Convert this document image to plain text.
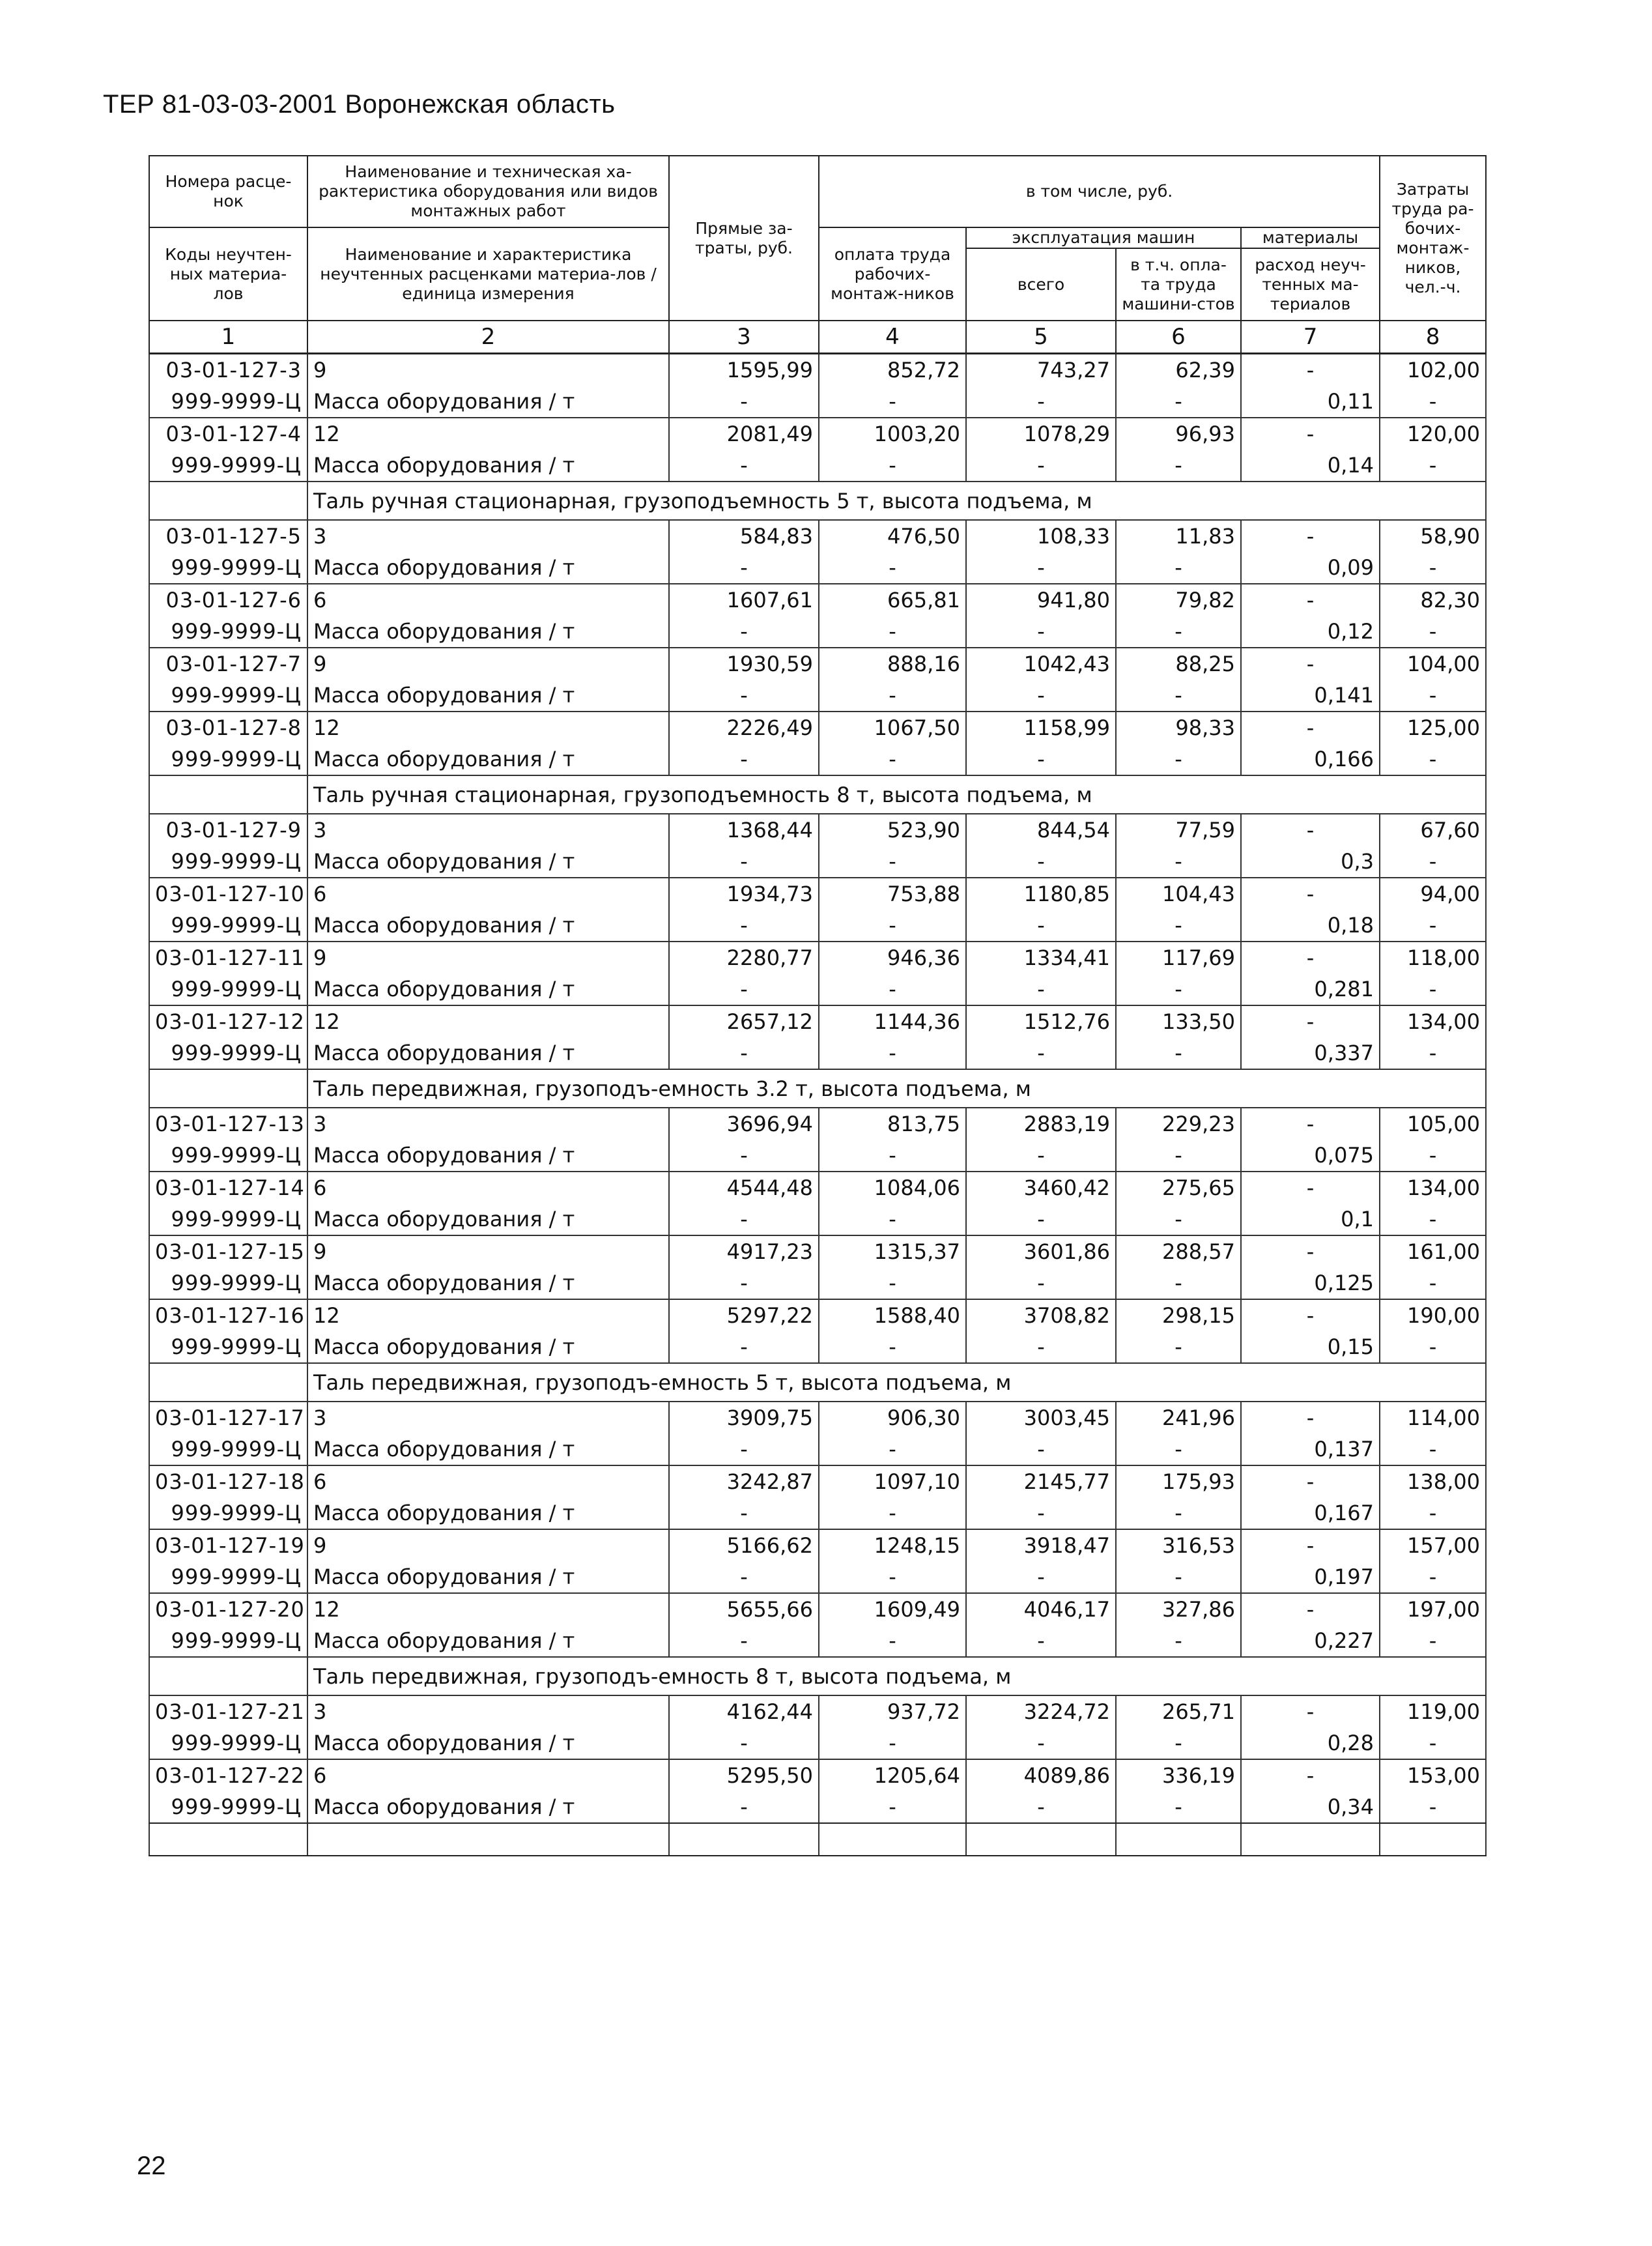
ТЕР 81-03-03-2001 Воронежская область
Номера расце-нок	Наименование и техническая ха-рактеристика оборудования или видов монтажных работ	Прямые за-траты, руб.	в том числе, руб.				Затраты труда ра-бочих-монтаж-ников, чел.-ч.
Коды неучтен-ных материа-лов	Наименование и характеристика неучтенных расценками материа-лов / единица измерения		оплата труда рабочих-монтаж-ников	эксплуатация машин		материалы	
				всего	в т.ч. опла-та труда машини-стов	расход неуч-тенных ма-териалов	

1	2	3	4	5	6	7	8
03-01-127-3	9	1595,99	852,72	743,27	62,39	-	102,00
999-9999-Ц	Масса оборудования / т	-	-	-	-	0,11	-
03-01-127-4	12	2081,49	1003,20	1078,29	96,93	-	120,00
999-9999-Ц	Масса оборудования / т	-	-	-	-	0,14	-
	Таль ручная стационарная, грузоподъемность 5 т, высота подъема, м						
03-01-127-5	3	584,83	476,50	108,33	11,83	-	58,90
999-9999-Ц	Масса оборудования / т	-	-	-	-	0,09	-
03-01-127-6	6	1607,61	665,81	941,80	79,82	-	82,30
999-9999-Ц	Масса оборудования / т	-	-	-	-	0,12	-
03-01-127-7	9	1930,59	888,16	1042,43	88,25	-	104,00
999-9999-Ц	Масса оборудования / т	-	-	-	-	0,141	-
03-01-127-8	12	2226,49	1067,50	1158,99	98,33	-	125,00
999-9999-Ц	Масса оборудования / т	-	-	-	-	0,166	-
	Таль ручная стационарная, грузоподъемность 8 т, высота подъема, м						
03-01-127-9	3	1368,44	523,90	844,54	77,59	-	67,60
999-9999-Ц	Масса оборудования / т	-	-	-	-	0,3	-
03-01-127-10	6	1934,73	753,88	1180,85	104,43	-	94,00
999-9999-Ц	Масса оборудования / т	-	-	-	-	0,18	-
03-01-127-11	9	2280,77	946,36	1334,41	117,69	-	118,00
999-9999-Ц	Масса оборудования / т	-	-	-	-	0,281	-
03-01-127-12	12	2657,12	1144,36	1512,76	133,50	-	134,00
999-9999-Ц	Масса оборудования / т	-	-	-	-	0,337	-
	Таль передвижная, грузоподъ-емность 3.2 т, высота подъема, м						
03-01-127-13	3	3696,94	813,75	2883,19	229,23	-	105,00
999-9999-Ц	Масса оборудования / т	-	-	-	-	0,075	-
03-01-127-14	6	4544,48	1084,06	3460,42	275,65	-	134,00
999-9999-Ц	Масса оборудования / т	-	-	-	-	0,1	-
03-01-127-15	9	4917,23	1315,37	3601,86	288,57	-	161,00
999-9999-Ц	Масса оборудования / т	-	-	-	-	0,125	-
03-01-127-16	12	5297,22	1588,40	3708,82	298,15	-	190,00
999-9999-Ц	Масса оборудования / т	-	-	-	-	0,15	-
	Таль передвижная, грузоподъ-емность 5 т, высота подъема, м						
03-01-127-17	3	3909,75	906,30	3003,45	241,96	-	114,00
999-9999-Ц	Масса оборудования / т	-	-	-	-	0,137	-
03-01-127-18	6	3242,87	1097,10	2145,77	175,93	-	138,00
999-9999-Ц	Масса оборудования / т	-	-	-	-	0,167	-
03-01-127-19	9	5166,62	1248,15	3918,47	316,53	-	157,00
999-9999-Ц	Масса оборудования / т	-	-	-	-	0,197	-
03-01-127-20	12	5655,66	1609,49	4046,17	327,86	-	197,00
999-9999-Ц	Масса оборудования / т	-	-	-	-	0,227	-
	Таль передвижная, грузоподъ-емность 8 т, высота подъема, м						
03-01-127-21	3	4162,44	937,72	3224,72	265,71	-	119,00
999-9999-Ц	Масса оборудования / т	-	-	-	-	0,28	-
03-01-127-22	6	5295,50	1205,64	4089,86	336,19	-	153,00
999-9999-Ц	Масса оборудования / т	-	-	-	-	0,34	-

22
